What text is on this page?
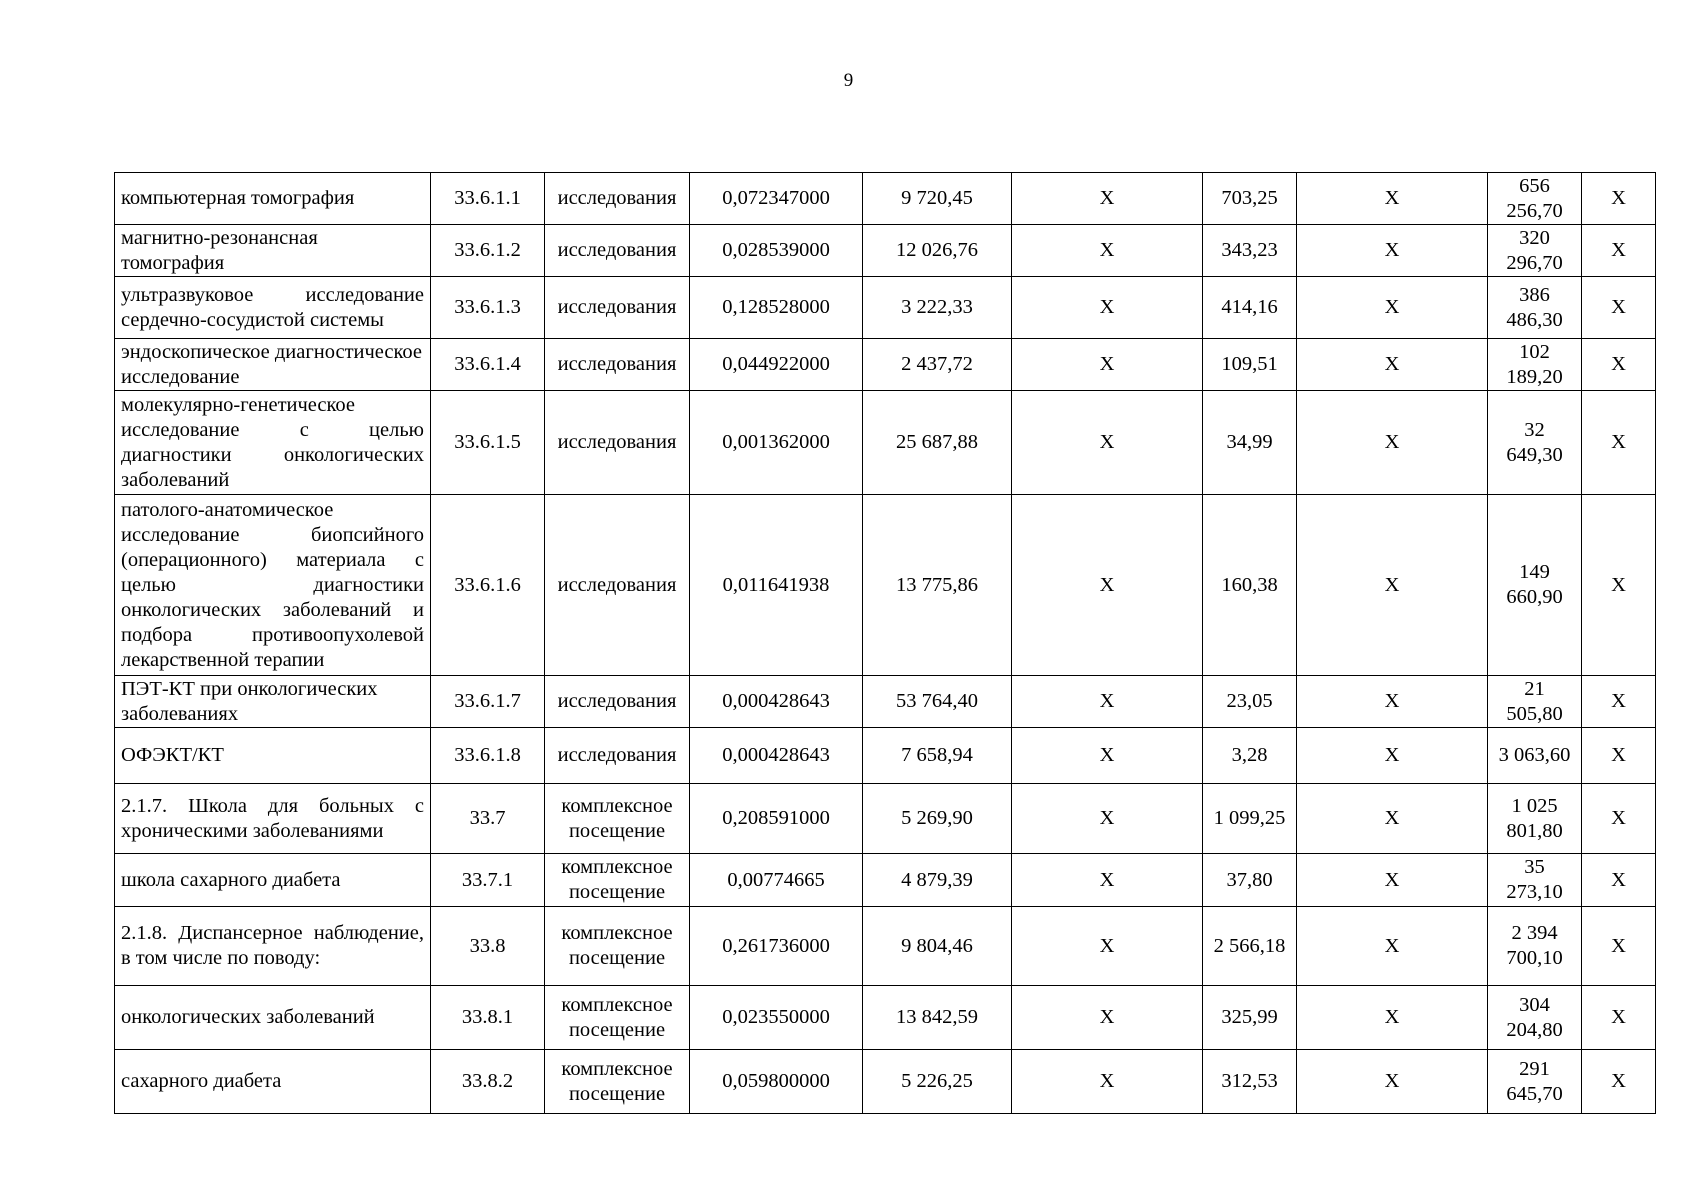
9
компьютерная томография	33.6.1.1	исследования	0,072347000	9 720,45	X	703,25	X	656 256,70	X
магнитно-резонансная томография	33.6.1.2	исследования	0,028539000	12 026,76	X	343,23	X	320 296,70	X
ультразвуковое исследование сердечно-сосудистой системы	33.6.1.3	исследования	0,128528000	3 222,33	X	414,16	X	386 486,30	X
эндоскопическое диагностическое исследование	33.6.1.4	исследования	0,044922000	2 437,72	X	109,51	X	102 189,20	X
молекулярно-генетическое исследование с целью диагностики онкологических заболеваний	33.6.1.5	исследования	0,001362000	25 687,88	X	34,99	X	32 649,30	X
патолого-анатомическое исследование биопсийного (операционного) материала с целью диагностики онкологических заболеваний и подбора противоопухолевой лекарственной терапии	33.6.1.6	исследования	0,011641938	13 775,86	X	160,38	X	149 660,90	X
ПЭТ-КТ при онкологических заболеваниях	33.6.1.7	исследования	0,000428643	53 764,40	X	23,05	X	21 505,80	X
ОФЭКТ/КТ	33.6.1.8	исследования	0,000428643	7 658,94	X	3,28	X	3 063,60	X
2.1.7. Школа для больных с хроническими заболеваниями	33.7	комплексное посещение	0,208591000	5 269,90	X	1 099,25	X	1 025 801,80	X
школа сахарного диабета	33.7.1	комплексное посещение	0,00774665	4 879,39	X	37,80	X	35 273,10	X
2.1.8. Диспансерное наблюдение, в том числе по поводу:	33.8	комплексное посещение	0,261736000	9 804,46	X	2 566,18	X	2 394 700,10	X
онкологических заболеваний	33.8.1	комплексное посещение	0,023550000	13 842,59	X	325,99	X	304 204,80	X
сахарного диабета	33.8.2	комплексное посещение	0,059800000	5 226,25	X	312,53	X	291 645,70	X
